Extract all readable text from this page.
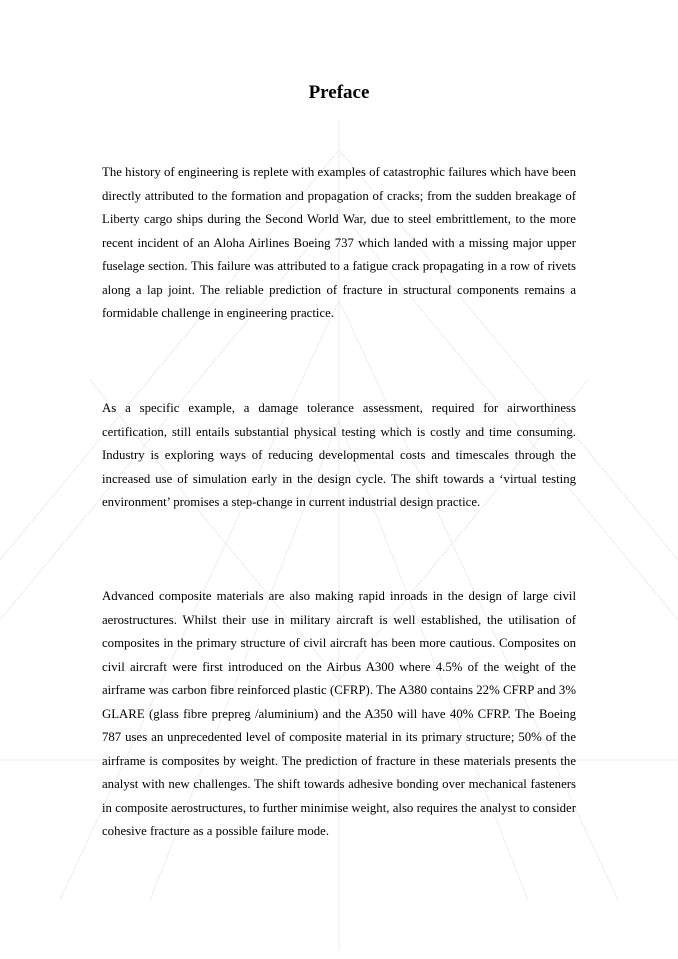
Preface

The history of engineering is replete with examples of catastrophic failures which have been directly attributed to the formation and propagation of cracks; from the sudden breakage of Liberty cargo ships during the Second World War, due to steel embrittlement, to the more recent incident of an Aloha Airlines Boeing 737 which landed with a missing major upper fuselage section. This failure was attributed to a fatigue crack propagating in a row of rivets along a lap joint. The reliable prediction of fracture in structural components remains a formidable challenge in engineering practice.

As a specific example, a damage tolerance assessment, required for airworthiness certification, still entails substantial physical testing which is costly and time consuming. Industry is exploring ways of reducing developmental costs and timescales through the increased use of simulation early in the design cycle. The shift towards a ‘virtual testing environment’ promises a step-change in current industrial design practice.

Advanced composite materials are also making rapid inroads in the design of large civil aerostructures. Whilst their use in military aircraft is well established, the utilisation of composites in the primary structure of civil aircraft has been more cautious. Composites on civil aircraft were first introduced on the Airbus A300 where 4.5% of the weight of the airframe was carbon fibre reinforced plastic (CFRP). The A380 contains 22% CFRP and 3% GLARE (glass fibre prepreg /aluminium) and the A350 will have 40% CFRP. The Boeing 787 uses an unprecedented level of composite material in its primary structure; 50% of the airframe is composites by weight. The prediction of fracture in these materials presents the analyst with new challenges. The shift towards adhesive bonding over mechanical fasteners in composite aerostructures, to further minimise weight, also requires the analyst to consider cohesive fracture as a possible failure mode.
